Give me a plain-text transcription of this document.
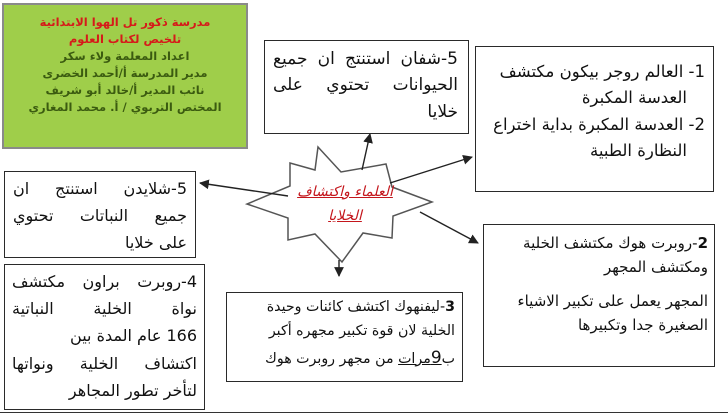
مدرسة ذكور تل الهوا الابتدائية
تلخيص لكتاب العلوم
اعداد المعلمة ولاء سكر
مدير المدرسة أ/أحمد الخضرى
نائب المدير أ/خالد أبو شريف
المختص التربوي / أ. محمد المغاري
العلماء واكتشاف
الخلايا
5-شفان استنتج ان جميع
الحيوانات تحتوي على
خلايا
1- العالم روجر بيكون مكتشف
العدسة المكبرة
2- العدسة المكبرة بداية اختراع
النظارة الطبية
5-شلايدن استنتج ان
جميع النباتات تحتوي
على خلايا	2-روبرت هوك مكتشف الخلية
ومكتشف المجهر
المجهر يعمل على تكبير الاشياء
الصغيرة جدا وتكبيرها
3-ليفنهوك اكتشف كائنات وحيدة
الخلية لان قوة تكبير مجهره أكبر
ب9مرات من مجهر روبرت هوك
4-روبرت براون مكتشف
نواة الخلية النباتية
166 عام المدة بين
اكتشاف الخلية ونواتها
لتأخر تطور المجاهر
